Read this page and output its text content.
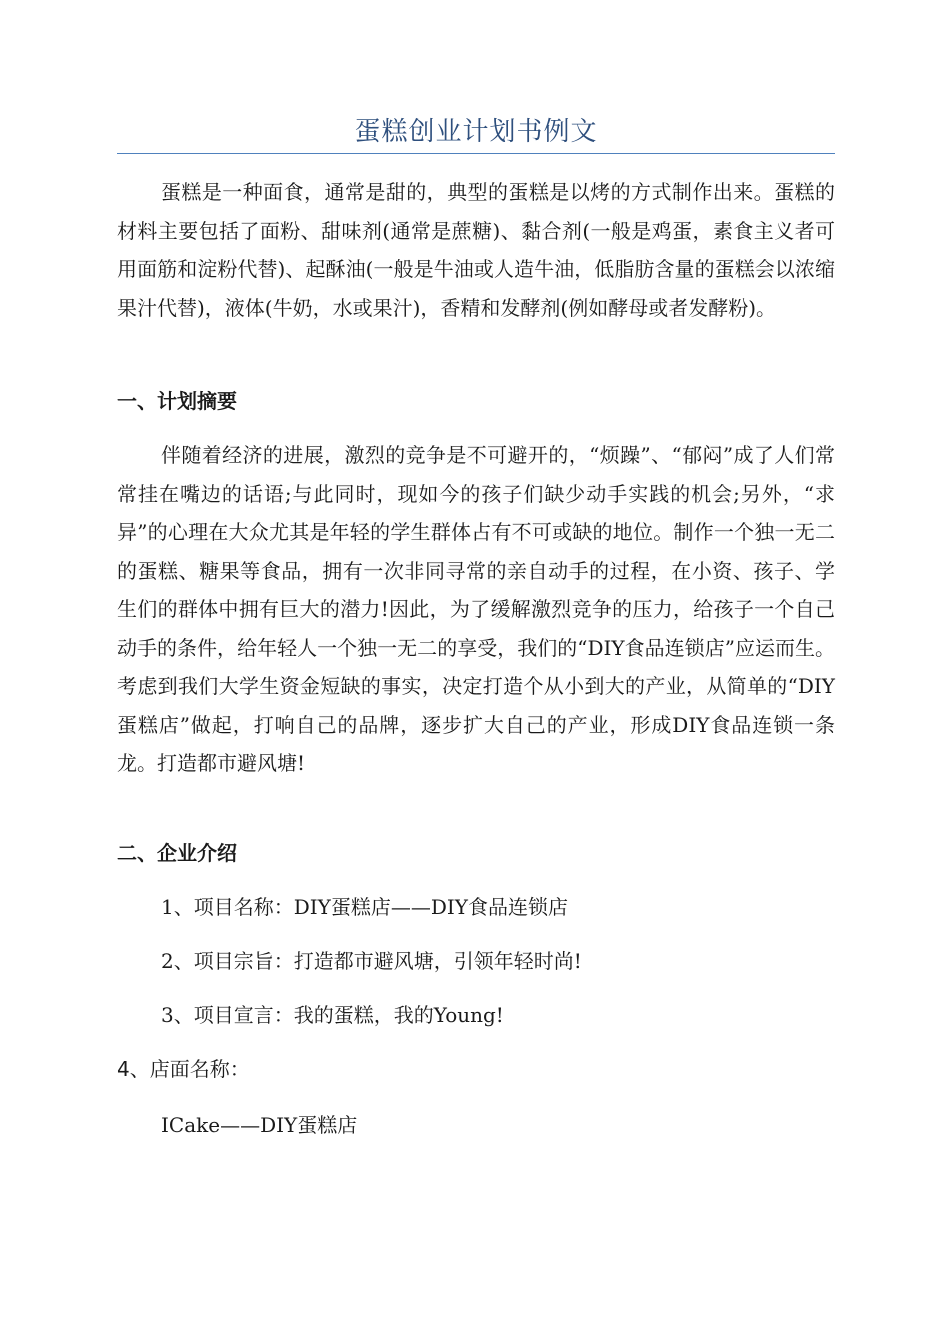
蛋糕创业计划书例文

蛋糕是一种面食，通常是甜的，典型的蛋糕是以烤的方式制作出来。蛋糕的材料主要包括了面粉、甜味剂(通常是蔗糖)、黏合剂(一般是鸡蛋，素食主义者可用面筋和淀粉代替)、起酥油(一般是牛油或人造牛油，低脂肪含量的蛋糕会以浓缩果汁代替)，液体(牛奶，水或果汁)，香精和发酵剂(例如酵母或者发酵粉)。

一、计划摘要

伴随着经济的进展，激烈的竞争是不可避开的，“烦躁”、“郁闷”成了人们常常挂在嘴边的话语;与此同时，现如今的孩子们缺少动手实践的机会;另外，“求异”的心理在大众尤其是年轻的学生群体占有不可或缺的地位。制作一个独一无二的蛋糕、糖果等食品，拥有一次非同寻常的亲自动手的过程，在小资、孩子、学生们的群体中拥有巨大的潜力!因此，为了缓解激烈竞争的压力，给孩子一个自己动手的条件，给年轻人一个独一无二的享受，我们的“DIY食品连锁店”应运而生。考虑到我们大学生资金短缺的事实，决定打造个从小到大的产业，从简单的“DIY蛋糕店”做起，打响自己的品牌，逐步扩大自己的产业，形成DIY食品连锁一条龙。打造都市避风塘!

二、企业介绍

1、项目名称：DIY蛋糕店——DIY食品连锁店

2、项目宗旨：打造都市避风塘，引领年轻时尚!

3、项目宣言：我的蛋糕，我的Young!

4、店面名称：

ICake——DIY蛋糕店
